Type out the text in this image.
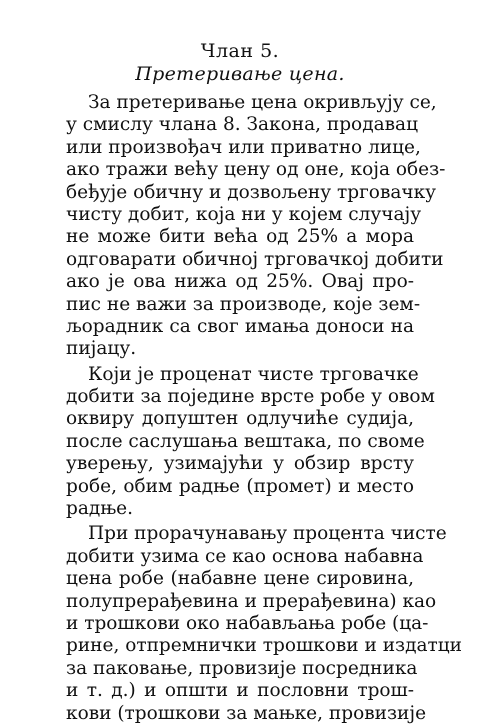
Члан 5.
Претеривање цена.
За претеривање цена окривљују се,
у смислу члана 8. Закона, продавац
или произвођач или приватно лице,
ако тражи већу цену од оне, која обез-
беђује обичну и дозвољену трговачку
чисту добит, која ни у којем случају
не може бити већа од 25% а мора
одговарати обичној трговачкој добити
ако је ова нижа од 25%. Овај про-
пис не важи за производе, које зем-
љорадник са свог имања доноси на
пијацу.
Који је проценат чисте трговачке
добити за поједине врсте робе у овом
оквиру допуштен одлучиће судија,
после саслушања вештака, по своме
уверењу, узимајући у обзир врсту
робе, обим радње (промет) и место
радње.
При прорачунавању процента чисте
добити узима се као основа набавна
цена робе (набавне цене сировина,
полупрерађевина и прерађевина) као
и трошкови око набављања робе (ца-
рине, отпремнички трошкови и издатци
за паковање, провизије посредника
и т. д.) и општи и пословни трош-
кови (трошкови за мањке, провизије
